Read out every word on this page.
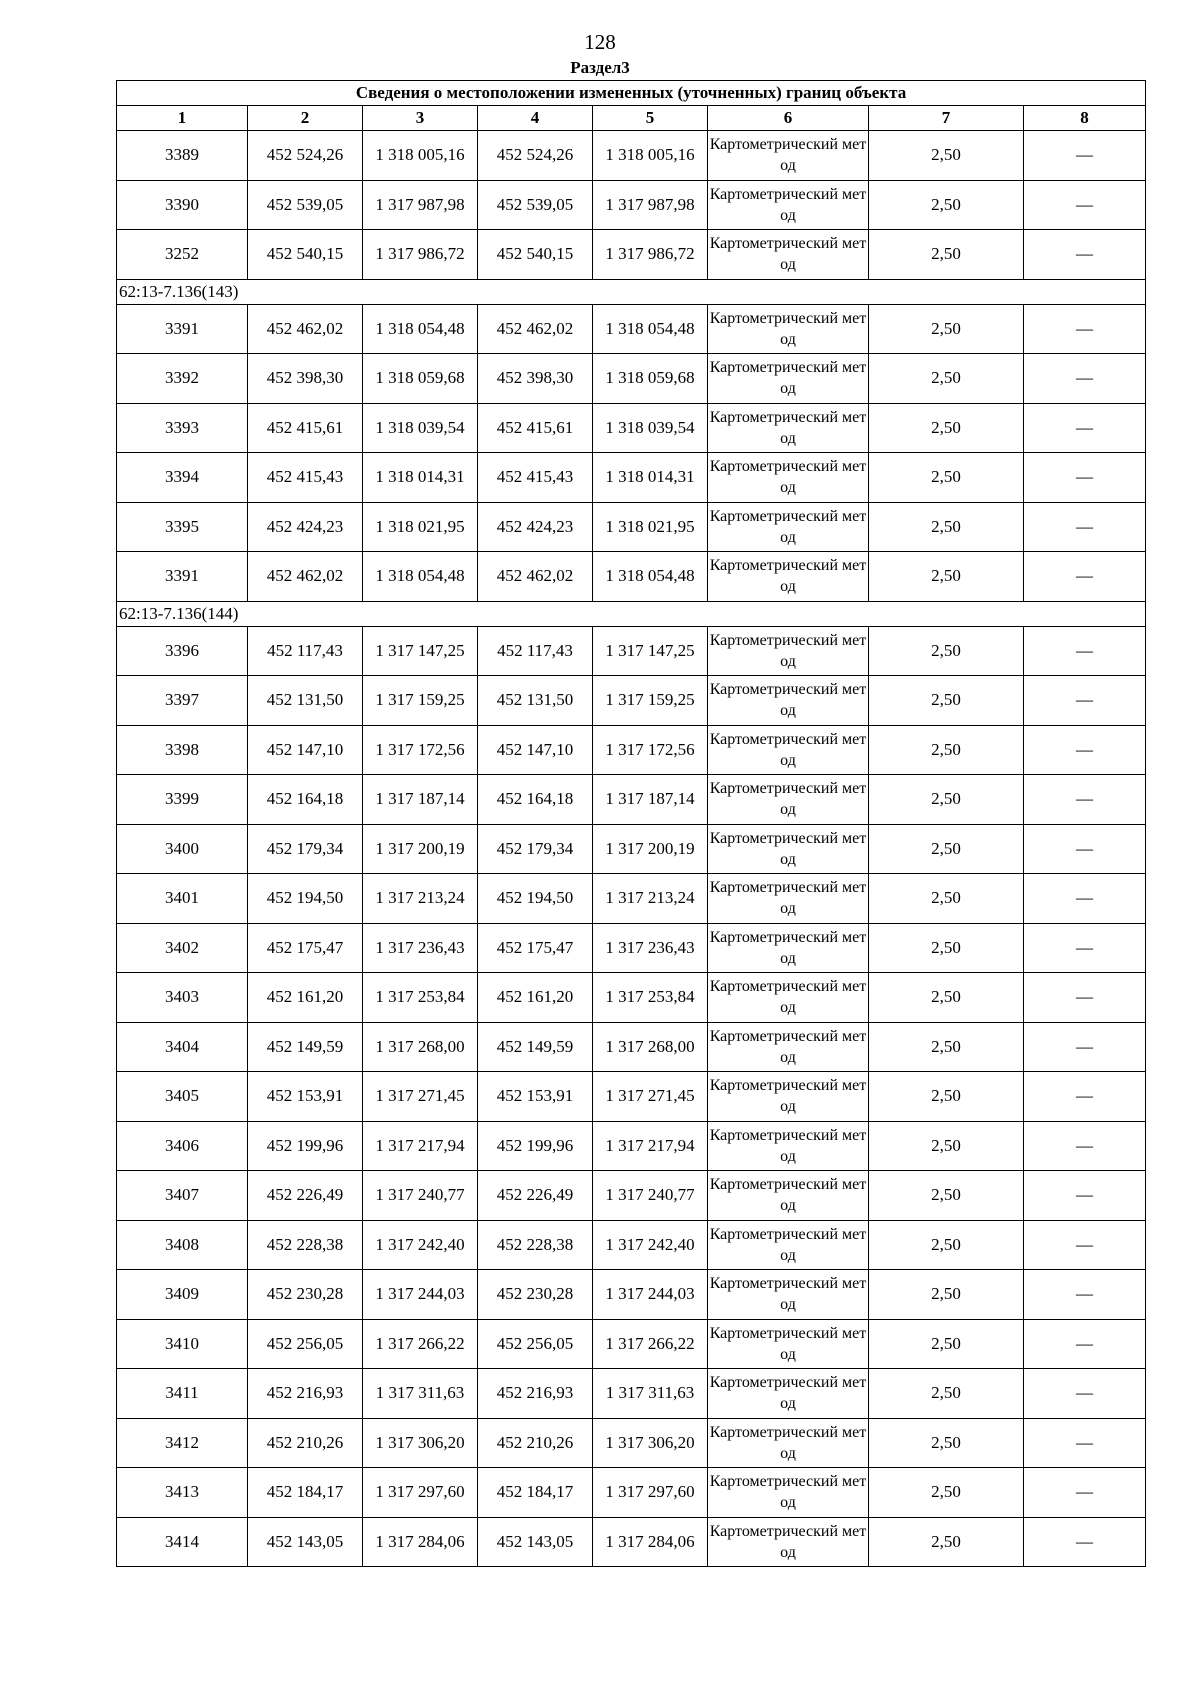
128
Раздел3
Сведения о местоположении измененных (уточненных) границ объекта							
1	2	3	4	5	6	7	8
3389	452 524,26	1 318 005,16	452 524,26	1 318 005,16	Картометрический метод	2,50	—
3390	452 539,05	1 317 987,98	452 539,05	1 317 987,98	Картометрический метод	2,50	—
3252	452 540,15	1 317 986,72	452 540,15	1 317 986,72	Картометрический метод	2,50	—
62:13-7.136(143)							
3391	452 462,02	1 318 054,48	452 462,02	1 318 054,48	Картометрический метод	2,50	—
3392	452 398,30	1 318 059,68	452 398,30	1 318 059,68	Картометрический метод	2,50	—
3393	452 415,61	1 318 039,54	452 415,61	1 318 039,54	Картометрический метод	2,50	—
3394	452 415,43	1 318 014,31	452 415,43	1 318 014,31	Картометрический метод	2,50	—
3395	452 424,23	1 318 021,95	452 424,23	1 318 021,95	Картометрический метод	2,50	—
3391	452 462,02	1 318 054,48	452 462,02	1 318 054,48	Картометрический метод	2,50	—
62:13-7.136(144)							
3396	452 117,43	1 317 147,25	452 117,43	1 317 147,25	Картометрический метод	2,50	—
3397	452 131,50	1 317 159,25	452 131,50	1 317 159,25	Картометрический метод	2,50	—
3398	452 147,10	1 317 172,56	452 147,10	1 317 172,56	Картометрический метод	2,50	—
3399	452 164,18	1 317 187,14	452 164,18	1 317 187,14	Картометрический метод	2,50	—
3400	452 179,34	1 317 200,19	452 179,34	1 317 200,19	Картометрический метод	2,50	—
3401	452 194,50	1 317 213,24	452 194,50	1 317 213,24	Картометрический метод	2,50	—
3402	452 175,47	1 317 236,43	452 175,47	1 317 236,43	Картометрический метод	2,50	—
3403	452 161,20	1 317 253,84	452 161,20	1 317 253,84	Картометрический метод	2,50	—
3404	452 149,59	1 317 268,00	452 149,59	1 317 268,00	Картометрический метод	2,50	—
3405	452 153,91	1 317 271,45	452 153,91	1 317 271,45	Картометрический метод	2,50	—
3406	452 199,96	1 317 217,94	452 199,96	1 317 217,94	Картометрический метод	2,50	—
3407	452 226,49	1 317 240,77	452 226,49	1 317 240,77	Картометрический метод	2,50	—
3408	452 228,38	1 317 242,40	452 228,38	1 317 242,40	Картометрический метод	2,50	—
3409	452 230,28	1 317 244,03	452 230,28	1 317 244,03	Картометрический метод	2,50	—
3410	452 256,05	1 317 266,22	452 256,05	1 317 266,22	Картометрический метод	2,50	—
3411	452 216,93	1 317 311,63	452 216,93	1 317 311,63	Картометрический метод	2,50	—
3412	452 210,26	1 317 306,20	452 210,26	1 317 306,20	Картометрический метод	2,50	—
3413	452 184,17	1 317 297,60	452 184,17	1 317 297,60	Картометрический метод	2,50	—
3414	452 143,05	1 317 284,06	452 143,05	1 317 284,06	Картометрический метод	2,50	—
